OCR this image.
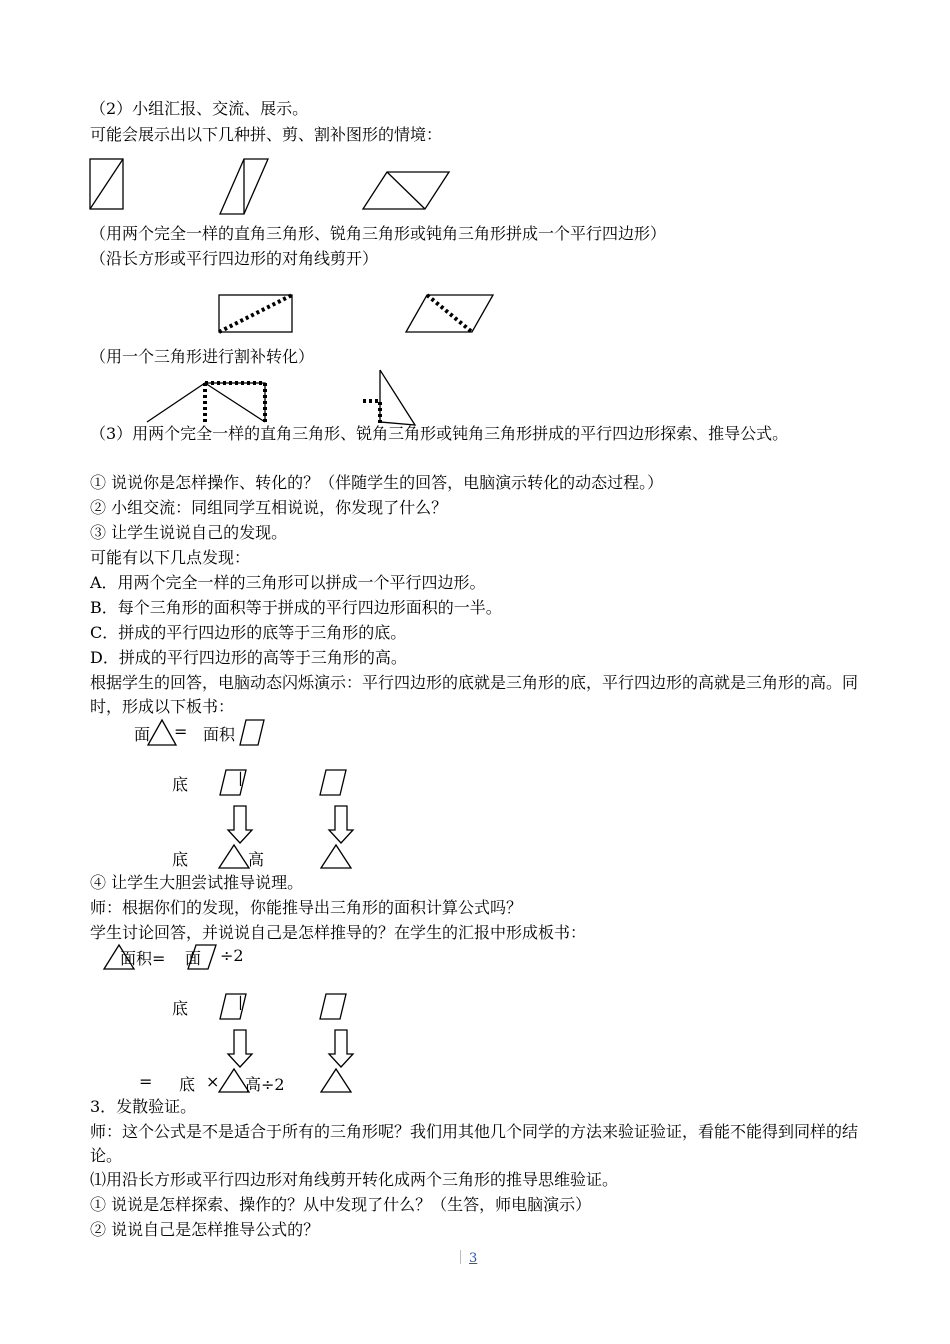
（2）小组汇报、交流、展示。
可能会展示出以下几种拼、剪、割补图形的情境：
（用两个完全一样的直角三角形、锐角三角形或钝角三角形拼成一个平行四边形）
（沿长方形或平行四边形的对角线剪开）
（用一个三角形进行割补转化）
（3）用两个完全一样的直角三角形、锐角三角形或钝角三角形拼成的平行四边形探索、推导公式。
① 说说你是怎样操作、转化的？（伴随学生的回答，电脑演示转化的动态过程。）
② 小组交流：同组同学互相说说，你发现了什么？
③ 让学生说说自己的发现。
可能有以下几点发现：
A．用两个完全一样的三角形可以拼成一个平行四边形。
B．每个三角形的面积等于拼成的平行四边形面积的一半。
C．拼成的平行四边形的底等于三角形的底。
D．拼成的平行四边形的高等于三角形的高。
根据学生的回答，电脑动态闪烁演示：平行四边形的底就是三角形的底，平行四边形的高就是三角形的高。同时，形成以下板书：
④ 让学生大胆尝试推导说理。
师：根据你们的发现，你能推导出三角形的面积计算公式吗？
学生讨论回答，并说说自己是怎样推导的？在学生的汇报中形成板书：
3．发散验证。
师：这个公式是不是适合于所有的三角形呢？我们用其他几个同学的方法来验证验证，看能不能得到同样的结论。
⑴用沿长方形或平行四边形对角线剪开转化成两个三角形的推导思维验证。
① 说说是怎样探索、操作的？从中发现了什么？（生答，师电脑演示）
② 说说自己是怎样推导公式的？
面 = 面积
底	▏
底	高
面积= 面 ÷2
底	▏
= 底 × 高÷2
3
